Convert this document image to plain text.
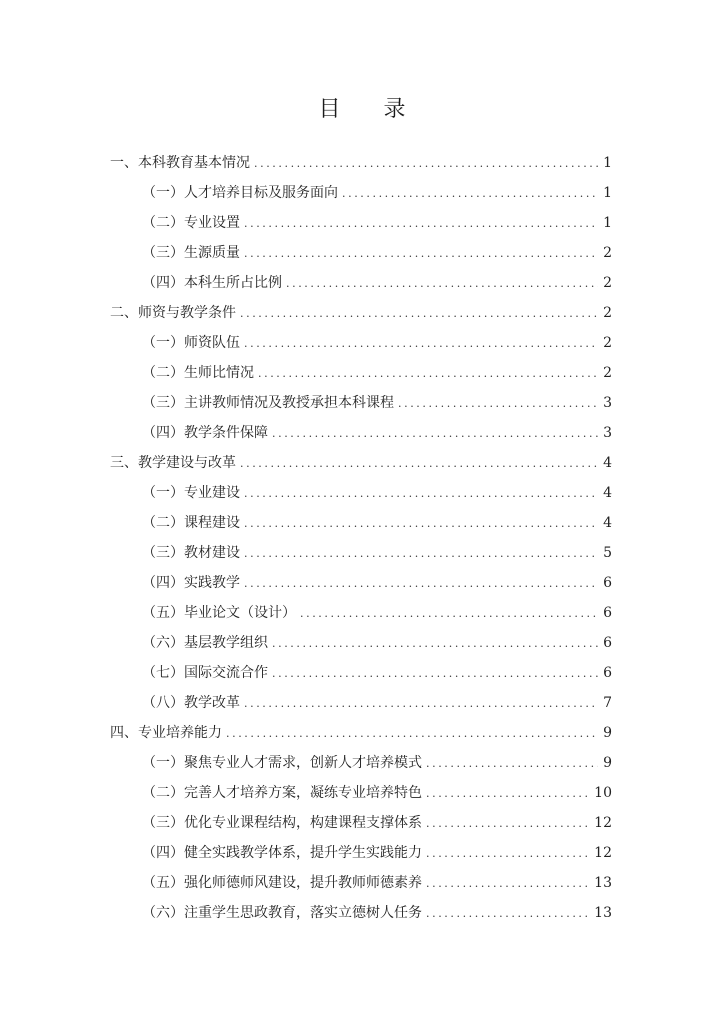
目 录
一、本科教育基本情况 .....	1
（一）人才培养目标及服务面向 .....	1
（二）专业设置 .....	1
（三）生源质量 .....	2
（四）本科生所占比例 .....	2
二、师资与教学条件 .....	2
（一）师资队伍 .....	2
（二）生师比情况 .....	2
（三）主讲教师情况及教授承担本科课程 .....	3
（四）教学条件保障 .....	3
三、教学建设与改革 .....	4
（一）专业建设 .....	4
（二）课程建设 .....	4
（三）教材建设 .....	5
（四）实践教学 .....	6
（五）毕业论文（设计） .....	6
（六）基层教学组织 .....	6
（七）国际交流合作 .....	6
（八）教学改革 .....	7
四、专业培养能力 .....	9
（一）聚焦专业人才需求，创新人才培养模式 .....	9
（二）完善人才培养方案，凝练专业培养特色 .....	10
（三）优化专业课程结构，构建课程支撑体系 .....	12
（四）健全实践教学体系，提升学生实践能力 .....	12
（五）强化师德师风建设，提升教师师德素养 .....	13
（六）注重学生思政教育，落实立德树人任务 .....	13
